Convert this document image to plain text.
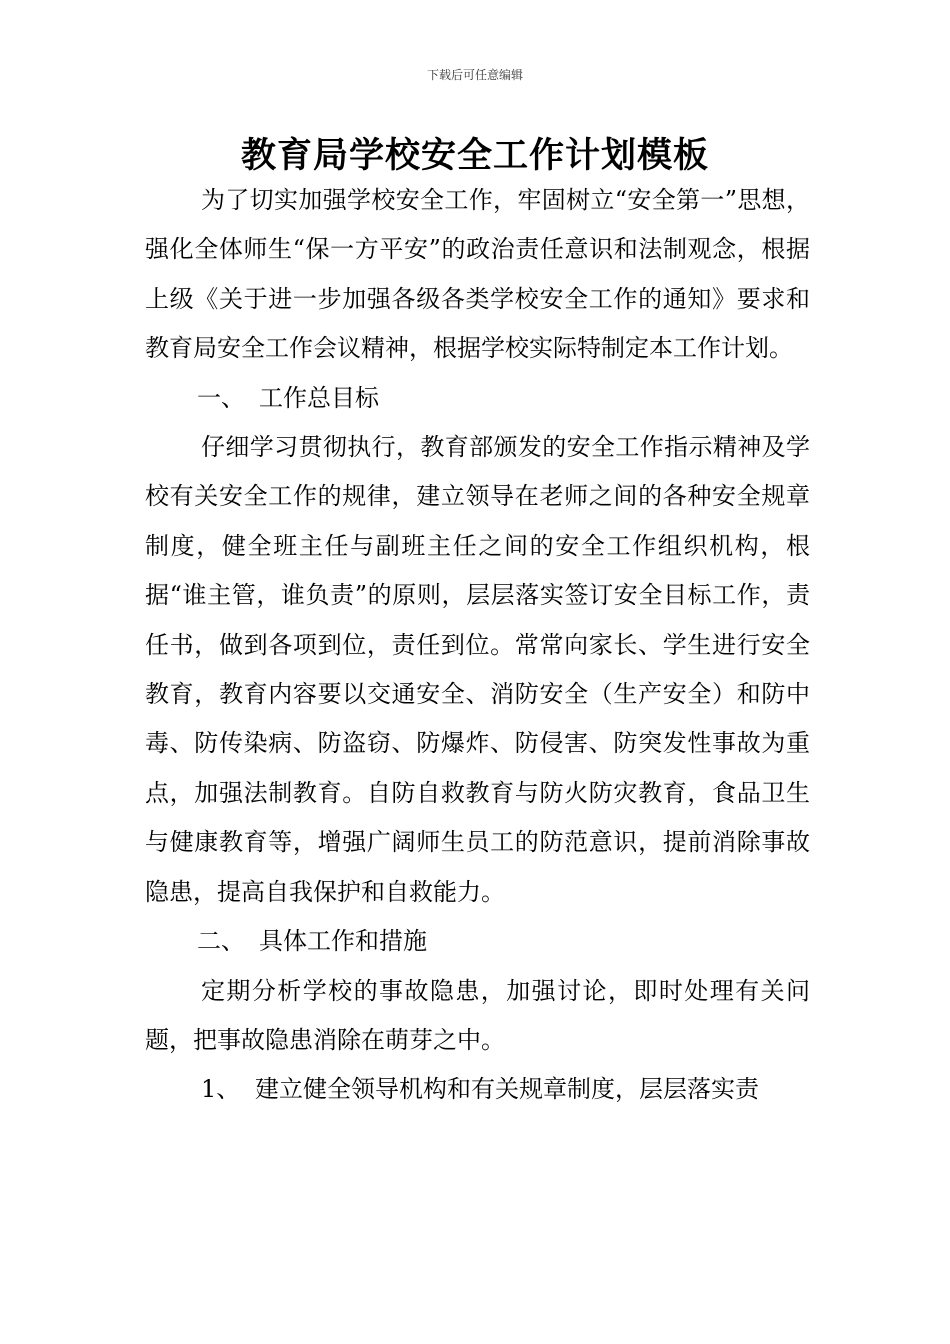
下载后可任意编辑
教育局学校安全工作计划模板

为了切实加强学校安全工作，牢固树立“安全第一”思想，强化全体师生“保一方平安”的政治责任意识和法制观念，根据上级《关于进一步加强各级各类学校安全工作的通知》要求和教育局安全工作会议精神，根据学校实际特制定本工作计划。

一、 工作总目标

仔细学习贯彻执行，教育部颁发的安全工作指示精神及学校有关安全工作的规律，建立领导在老师之间的各种安全规章制度，健全班主任与副班主任之间的安全工作组织机构，根据“谁主管，谁负责”的原则，层层落实签订安全目标工作，责任书，做到各项到位，责任到位。常常向家长、学生进行安全教育，教育内容要以交通安全、消防安全（生产安全）和防中毒、防传染病、防盗窃、防爆炸、防侵害、防突发性事故为重点，加强法制教育。自防自救教育与防火防灾教育，食品卫生与健康教育等，增强广阔师生员工的防范意识，提前消除事故隐患，提高自我保护和自救能力。

二、 具体工作和措施

定期分析学校的事故隐患，加强讨论，即时处理有关问题，把事故隐患消除在萌芽之中。

1、 建立健全领导机构和有关规章制度，层层落实责
